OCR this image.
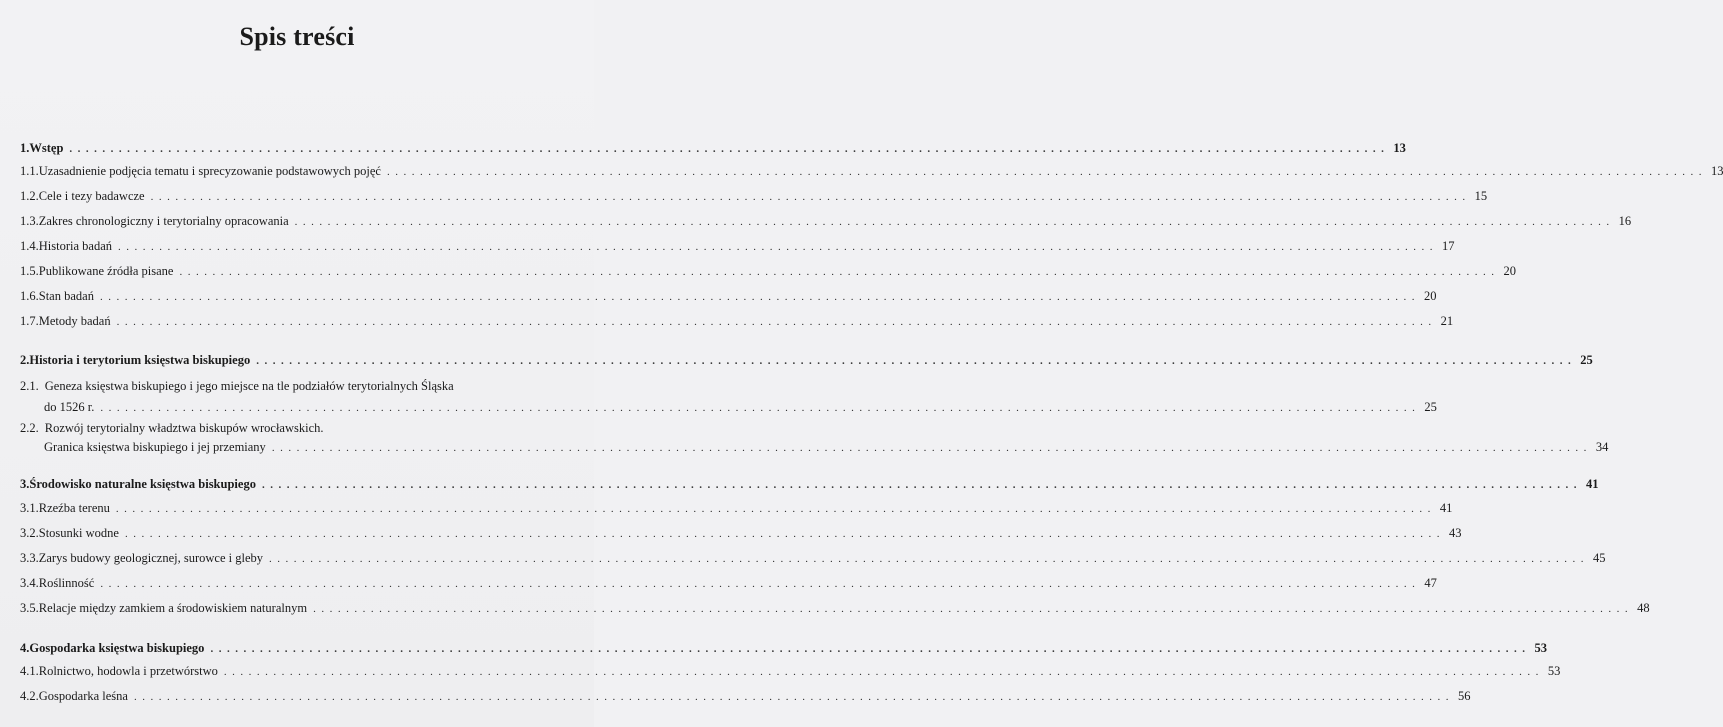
Spis treści
1. Wstęp ................................................................................................................................................................ 13
1.1. Uzasadnienie podjęcia tematu i sprecyzowanie podstawowych pojęć ................................................................................................................................................................ 13
1.2. Cele i tezy badawcze ................................................................................................................................................................ 15
1.3. Zakres chronologiczny i terytorialny opracowania ................................................................................................................................................................ 16
1.4. Historia badań ................................................................................................................................................................ 17
1.5. Publikowane źródła pisane ................................................................................................................................................................ 20
1.6. Stan badań ................................................................................................................................................................ 20
1.7. Metody badań ................................................................................................................................................................ 21
2. Historia i terytorium księstwa biskupiego ................................................................................................................................................................ 25
2.1. Geneza księstwa biskupiego i jego miejsce na tle podziałów terytorialnych Śląska
do 1526 r. ................................................................................................................................................................ 25
2.2. Rozwój terytorialny władztwa biskupów wrocławskich.
Granica księstwa biskupiego i jej przemiany ................................................................................................................................................................ 34
3. Środowisko naturalne księstwa biskupiego ................................................................................................................................................................ 41
3.1. Rzeźba terenu ................................................................................................................................................................ 41
3.2. Stosunki wodne ................................................................................................................................................................ 43
3.3. Zarys budowy geologicznej, surowce i gleby ................................................................................................................................................................ 45
3.4. Roślinność ................................................................................................................................................................ 47
3.5. Relacje między zamkiem a środowiskiem naturalnym ................................................................................................................................................................ 48
4. Gospodarka księstwa biskupiego ................................................................................................................................................................ 53
4.1. Rolnictwo, hodowla i przetwórstwo ................................................................................................................................................................ 53
4.2. Gospodarka leśna ................................................................................................................................................................ 56
